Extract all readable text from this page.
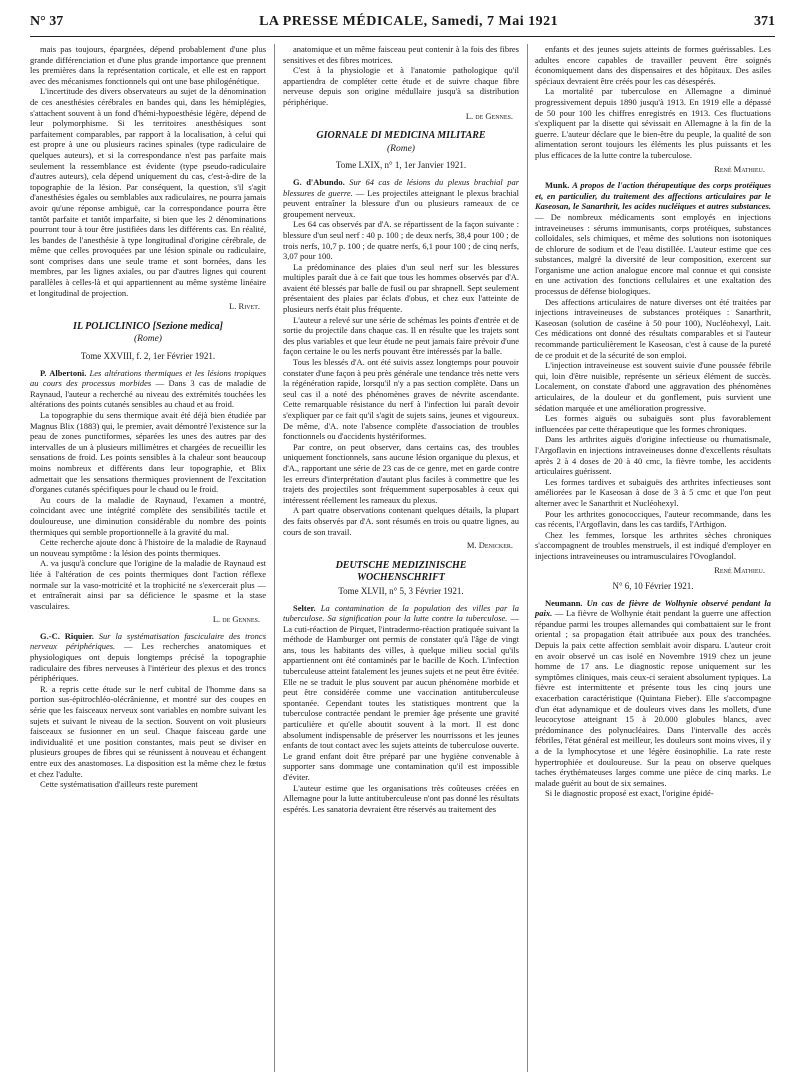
N° 37	LA PRESSE MÉDICALE, Samedi, 7 Mai 1921	371

mais pas toujours, épargnées, dépend probablement d'une plus grande différenciation et d'une plus grande importance que prennent les premières dans la représentation corticale, et elle est en rapport avec des mécanismes fonctionnels qui ont une base philogénétique.

L'incertitude des divers observateurs au sujet de la dénomination de ces anesthésies cérébrales en bandes qui, dans les hémiplégies, s'attachent souvent à un fond d'hémi-hypoesthésie légère, dépend de leur polymorphisme. Si les territoires anesthésiques sont parfaitement comparables, par rapport à la localisation, à celui qui est propre à une ou plusieurs racines spinales (type radiculaire de quelques auteurs), et si la correspondance n'est pas parfaite mais seulement la ressemblance est évidente (type pseudo-radiculaire d'autres auteurs), cela dépend uniquement du cas, c'est-à-dire de la topographie de la lésion. Par conséquent, la question, s'il s'agit d'anesthésies égales ou semblables aux radiculaires, ne pourra jamais avoir qu'une réponse ambiguë, car la correspondance pourra être tantôt parfaite et tantôt imparfaite, si bien que les 2 dénominations pourront tour à tour être justifiées dans les différents cas. En réalité, les bandes de l'anesthésie à type longitudinal d'origine cérébrale, de même que celles provoquées par une lésion spinale ou radiculaire, sont comprises dans une seule trame et sont bornées, dans les membres, par les lignes axiales, ou par d'autres lignes qui courent parallèles à celles-là et qui appartiennent au même système linéaire et longitudinal de projection.

L. Rivet.

IL POLICLINICO [Sezione medica]

(Rome)

Tome XXVIII, f. 2, 1er Février 1921.

P. Albertoni. Les altérations thermiques et les lésions tropiques au cours des processus morbides — Dans 3 cas de maladie de Raynaud, l'auteur a recherché au niveau des extrémités touchées les altérations des points cutanés sensibles au chaud et au froid.

La topographie du sens thermique avait été déjà bien étudiée par Magnus Blix (1883) qui, le premier, avait démontré l'existence sur la peau de zones punctiformes, séparées les unes des autres par des intervalles de un à plusieurs millimètres et chargées de recueillir les sensations de froid. Les points sensibles à la chaleur sont beaucoup moins nombreux et différents dans leur topographie, et Blix admettait que les sensations thermiques proviennent de l'excitation d'organes cutanés spécifiques pour le chaud ou le froid.

Au cours de la maladie de Raynaud, l'examen a montré, coïncidant avec une intégrité complète des sensibilités tactile et douloureuse, une diminution considérable du nombre des points thermiques qui semble proportionnelle à la gravité du mal.

Cette recherche ajoute donc à l'histoire de la maladie de Raynaud un nouveau symptôme : la lésion des points thermiques.

A. va jusqu'à conclure que l'origine de la maladie de Raynaud est liée à l'altération de ces points thermiques dont l'action réflexe normale sur la vaso-motricité et la trophicité ne s'exercerait plus — et entraînerait ainsi par sa déficience le spasme et la stase vasculaires.

L. de Gennes.

G.-C. Riquier. Sur la systématisation fasciculaire des troncs nerveux périphériques. — Les recherches anatomiques et physiologiques ont depuis longtemps précisé la topographie radiculaire des fibres nerveuses à l'intérieur des plexus et des troncs périphériques.

R. a repris cette étude sur le nerf cubital de l'homme dans sa portion sus-épitrochléo-olécrânienne, et montré sur des coupes en série que les faisceaux nerveux sont variables en nombre suivant les sujets et suivant le niveau de la section. Souvent on voit plusieurs faisceaux se fusionner en un seul. Chaque faisceau garde une individualité et une position constantes, mais peut se diviser en plusieurs groupes de fibres qui se réunissent à nouveau et échangent entre eux des anastomoses. La disposition est la même chez le fœtus et chez l'adulte.

Cette systématisation d'ailleurs reste purement

anatomique et un même faisceau peut contenir à la fois des fibres sensitives et des fibres motrices.

C'est à la physiologie et à l'anatomie pathologique qu'il appartiendra de compléter cette étude et de suivre chaque fibre nerveuse depuis son origine médullaire jusqu'à sa distribution périphérique.

L. de Gennes.

GIORNALE DI MEDICINA MILITARE

(Rome)

Tome LXIX, n° 1, 1er Janvier 1921.

G. d'Abundo. Sur 64 cas de lésions du plexus brachial par blessures de guerre. — Les projectiles atteignant le plexus brachial peuvent entraîner la blessure d'un ou plusieurs rameaux de ce groupement nerveux.

Les 64 cas observés par d'A. se répartissent de la façon suivante : blessure d'un seul nerf : 40 p. 100 ; de deux nerfs, 38,4 pour 100 ; de trois nerfs, 10,7 p. 100 ; de quatre nerfs, 6,1 pour 100 ; de cinq nerfs, 3,07 pour 100.

La prédominance des plaies d'un seul nerf sur les blessures multiples paraît due à ce fait que tous les hommes observés par d'A. avaient été blessés par balle de fusil ou par shrapnell. Sept seulement présentaient des plaies par éclats d'obus, et chez eux l'atteinte de plusieurs nerfs était plus fréquente.

L'auteur a relevé sur une série de schémas les points d'entrée et de sortie du projectile dans chaque cas. Il en résulte que les trajets sont des plus variables et que leur étude ne peut jamais faire prévoir d'une façon certaine le ou les nerfs pouvant être intéressés par la balle.

Tous les blessés d'A. ont été suivis assez longtemps pour pouvoir constater d'une façon à peu près générale une tendance très nette vers la régénération rapide, lorsqu'il n'y a pas section complète. Dans un seul cas il a noté des phénomènes graves de névrite ascendante. Cette remarquable résistance du nerf à l'infection lui paraît devoir s'expliquer par ce fait qu'il s'agit de sujets sains, jeunes et vigoureux. De même, d'A. note l'absence complète d'association de troubles fonctionnels ou d'accidents hystériformes.

Par contre, on peut observer, dans certains cas, des troubles uniquement fonctionnels, sans aucune lésion organique du plexus, et d'A., rapportant une série de 23 cas de ce genre, met en garde contre les erreurs d'interprétation d'autant plus faciles à commettre que les trajets des projectiles sont fréquemment superposables à ceux qui intéressent réellement les rameaux du plexus.

A part quatre observations contenant quelques détails, la plupart des faits observés par d'A. sont résumés en trois ou quatre lignes, au cours de son travail.

M. Denicker.

DEUTSCHE MEDIZINISCHE

WOCHENSCHRIFT

Tome XLVII, n° 5, 3 Février 1921.

Selter. La contamination de la population des villes par la tuberculose. Sa signification pour la lutte contre la tuberculose. — La cuti-réaction de Pirquet, l'intradermo-réaction pratiquée suivant la méthode de Hamburger ont permis de constater qu'à l'âge de vingt ans, tous les habitants des villes, à quelque milieu social qu'ils appartiennent ont été contaminés par le bacille de Koch. L'infection tuberculeuse atteint fatalement les jeunes sujets et ne peut être évitée. Elle ne se traduit le plus souvent par aucun phénomène morbide et peut être considérée comme une vaccination antituberculeuse spontanée. Cependant toutes les statistiques montrent que la tuberculose contractée pendant le premier âge présente une gravité particulière et qu'elle aboutit souvent à la mort. Il est donc absolument indispensable de préserver les nourrissons et les jeunes enfants de tout contact avec les sujets atteints de tuberculose ouverte. Le grand enfant doit être préparé par une hygiène convenable à supporter sans dommage une contamination qu'il est impossible d'éviter.

L'auteur estime que les organisations très coûteuses créées en Allemagne pour la lutte antituberculeuse n'ont pas donné les résultats espérés. Les sanatoria devraient être réservés au traitement des

enfants et des jeunes sujets atteints de formes guérissables. Les adultes encore capables de travailler peuvent être soignés économiquement dans des dispensaires et des hôpitaux. Des asiles spéciaux devraient être créés pour les cas désespérés.

La mortalité par tuberculose en Allemagne a diminué progressivement depuis 1890 jusqu'à 1913. En 1919 elle a dépassé de 50 pour 100 les chiffres enregistrés en 1913. Ces fluctuations s'expliquent par la disette qui sévissait en Allemagne à la fin de la guerre. L'auteur déclare que le bien-être du peuple, la qualité de son alimentation seront toujours les éléments les plus puissants et les plus efficaces de la lutte contre la tuberculose.

René Mathieu.

Munk. A propos de l'action thérapeutique des corps protéiques et, en particulier, du traitement des affections articulaires par le Kaseosan, le Sanarthrit, les acides nucléiques et autres substances. — De nombreux médicaments sont employés en injections intraveineuses : sérums immunisants, corps protéiques, substances colloïdales, sels chimiques, et même des solutions non isotoniques de chlorure de sodium et de l'eau distillée. L'auteur estime que ces substances, malgré la diversité de leur composition, exercent sur l'organisme une action analogue encore mal connue et qui consiste en une activation des fonctions cellulaires et une exaltation des processus de défense biologiques.

Des affections articulaires de nature diverses ont été traitées par injections intraveineuses de substances protéiques : Sanarthrit, Kaseosan (solution de caséine à 50 pour 100), Nucléohexyl, Lait. Ces médications ont donné des résultats comparables et si l'auteur recommande particulièrement le Kaseosan, c'est à cause de la pureté de ce produit et de la sécurité de son emploi.

L'injection intraveineuse est souvent suivie d'une poussée fébrile qui, loin d'être nuisible, représente un sérieux élément de succès. Localement, on constate d'abord une aggravation des phénomènes articulaires, de la douleur et du gonflement, puis survient une sédation marquée et une amélioration progressive.

Les formes aiguës ou subaiguës sont plus favorablement influencées par cette thérapeutique que les formes chroniques.

Dans les arthrites aiguës d'origine infectieuse ou rhumatismale, l'Argoflavin en injections intraveineuses donne d'excellents résultats après 2 à 4 doses de 20 à 40 cmc, la fièvre tombe, les accidents articulaires guérissent.

Les formes tardives et subaiguës des arthrites infectieuses sont améliorées par le Kaseosan à dose de 3 à 5 cmc et que l'on peut alterner avec le Sanarthrit et Nucléohexyl.

Pour les arthrites gonococciques, l'auteur recommande, dans les cas récents, l'Argoflavin, dans les cas tardifs, l'Arthigon.

Chez les femmes, lorsque les arthrites sèches chroniques s'accompagnent de troubles menstruels, il est indiqué d'employer en injections intraveineuses ou intramusculaires l'Ovoglandol.

René Mathieu.

N° 6, 10 Février 1921.

Neumann. Un cas de fièvre de Wolhynie observé pendant la paix. — La fièvre de Wolhynie était pendant la guerre une affection répandue parmi les troupes allemandes qui combattaient sur le front oriental ; sa propagation était attribuée aux poux des tranchées. Depuis la paix cette affection semblait avoir disparu. L'auteur croit en avoir observé un cas isolé en Novembre 1919 chez un jeune homme de 17 ans. Le diagnostic repose uniquement sur les symptômes cliniques, mais ceux-ci seraient absolument typiques. La fièvre est intermittente et présente tous les cinq jours une exacerbation caractéristique (Quintana Fieber). Elle s'accompagne d'un état adynamique et de douleurs vives dans les mollets, d'une leucocytose atteignant 15 à 20.000 globules blancs, avec prédominance des polynucléaires. Dans l'intervalle des accès fébriles, l'état général est meilleur, les douleurs sont moins vives, il y a de la lymphocytose et une légère éosinophilie. La rate reste hypertrophiée et douloureuse. Sur la peau on observe quelques taches érythémateuses larges comme une pièce de cinq marks. Le malade guérit au bout de six semaines.

Si le diagnostic proposé est exact, l'origine épidé-
